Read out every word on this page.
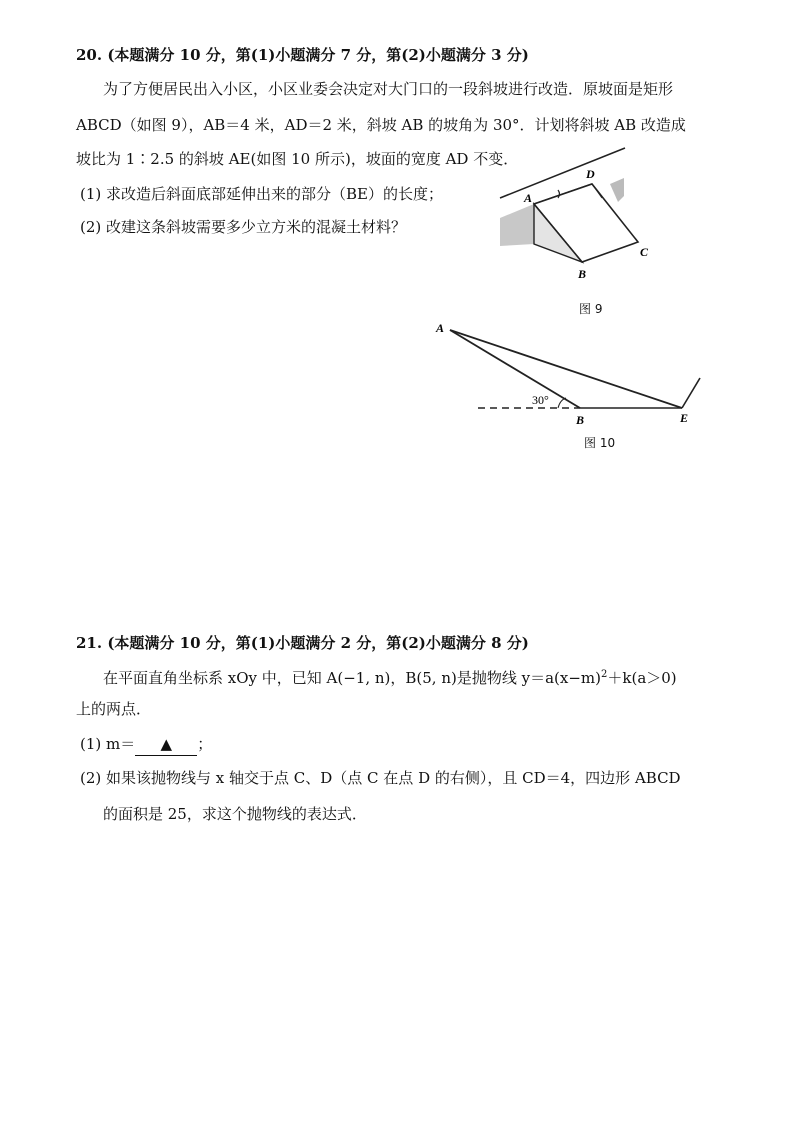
20. (本题满分 10 分，第(1)小题满分 7 分，第(2)小题满分 3 分)
为了方便居民出入小区，小区业委会决定对大门口的一段斜坡进行改造．原坡面是矩形
ABCD（如图 9），AB＝4 米，AD＝2 米，斜坡 AB 的坡角为 30°．计划将斜坡 AB 改造成
坡比为 1∶2.5 的斜坡 AE(如图 10 所示)，坡面的宽度 AD 不变．
(1) 求改造后斜面底部延伸出来的部分（BE）的长度；
(2) 改建这条斜坡需要多少立方米的混凝土材料？
A
D
C
B
图 9
30°
A
B	E
图 10
21. (本题满分 10 分，第(1)小题满分 2 分，第(2)小题满分 8 分)
在平面直角坐标系 xOy 中，已知 A(−1, n)，B(5, n)是抛物线 $y=a(x-m)^2+k(a>0)$
上的两点．
(1) m＝ ▲ ；
(2) 如果该抛物线与 x 轴交于点 C、D（点 C 在点 D 的右侧），且 CD＝4，四边形 ABCD
的面积是 25，求这个抛物线的表达式．
